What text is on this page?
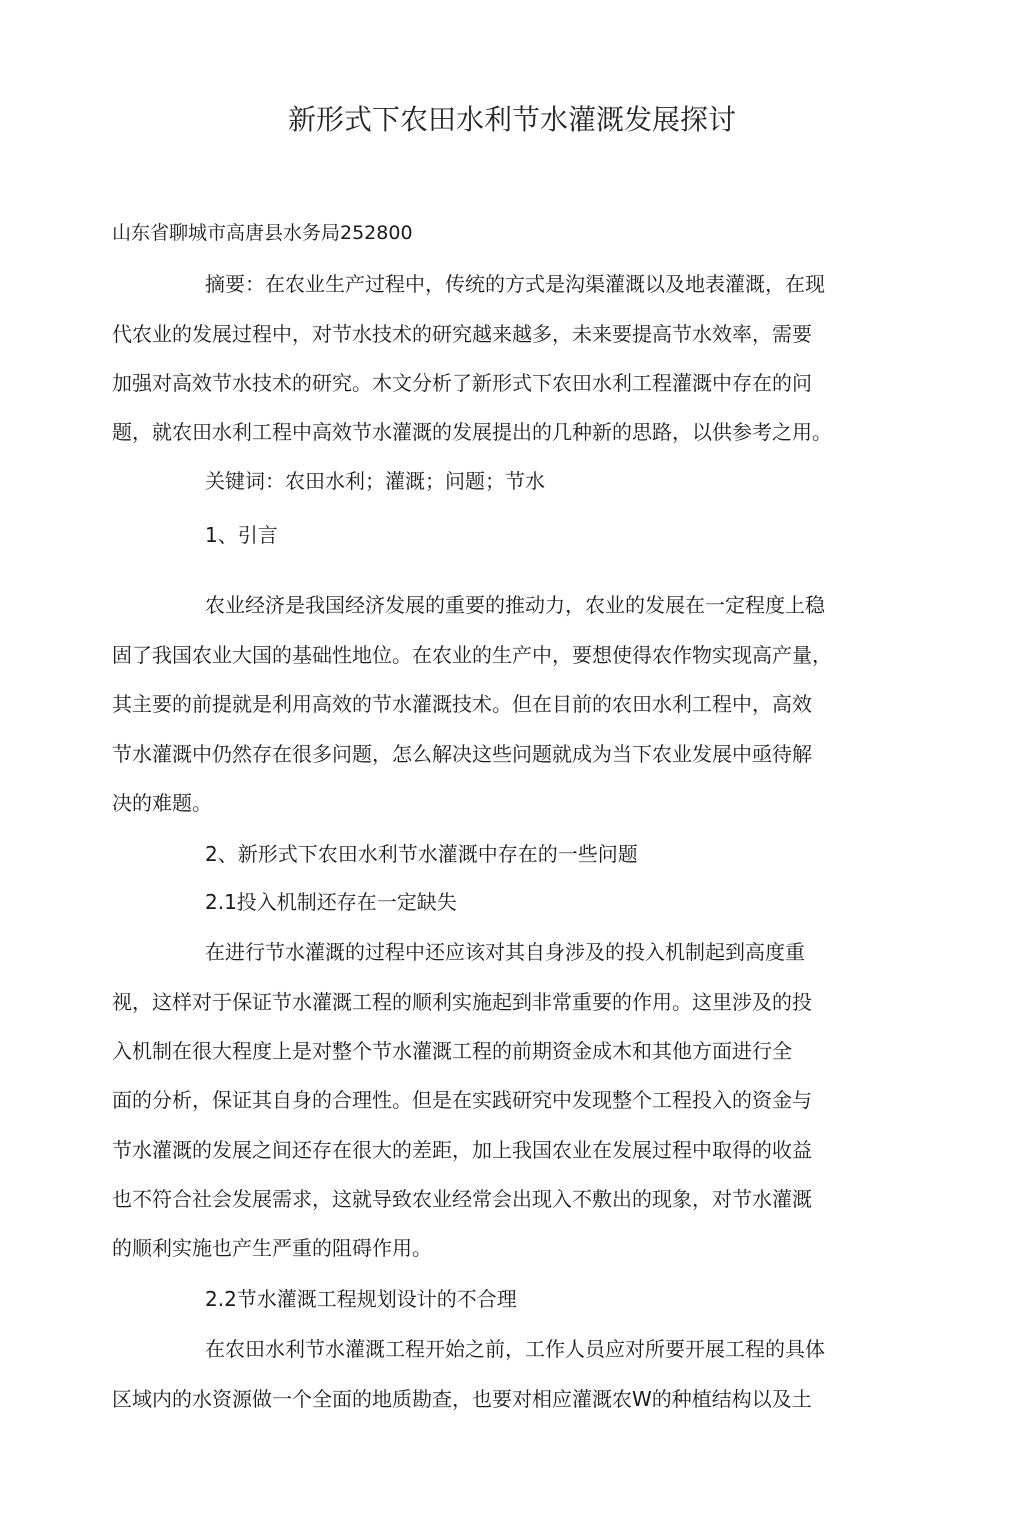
新形式下农田水利节水灌溉发展探讨
山东省聊城市高唐县水务局252800
摘要：在农业生产过程中，传统的方式是沟渠灌溉以及地表灌溉，在现
代农业的发展过程中，对节水技术的研究越来越多，未来要提高节水效率，需要
加强对高效节水技术的研究。木文分析了新形式下农田水利工程灌溉中存在的问
题，就农田水利工程中高效节水灌溉的发展提出的几种新的思路，以供参考之用。
关键词：农田水利；灌溉；问题；节水
1、引言
农业经济是我国经济发展的重要的推动力，农业的发展在一定程度上稳
固了我国农业大国的基础性地位。在农业的生产中，要想使得农作物实现高产量，
其主要的前提就是利用高效的节水灌溉技术。但在目前的农田水利工程中，高效
节水灌溉中仍然存在很多问题，怎么解决这些问题就成为当下农业发展中亟待解
决的难题。
2、新形式下农田水利节水灌溉中存在的一些问题
2.1投入机制还存在一定缺失
在进行节水灌溉的过程中还应该对其自身涉及的投入机制起到高度重
视，这样对于保证节水灌溉工程的顺利实施起到非常重要的作用。这里涉及的投
入机制在很大程度上是对整个节水灌溉工程的前期资金成木和其他方面进行全
面的分析，保证其自身的合理性。但是在实践研究中发现整个工程投入的资金与
节水灌溉的发展之间还存在很大的差距，加上我国农业在发展过程中取得的收益
也不符合社会发展需求，这就导致农业经常会出现入不敷出的现象，对节水灌溉
的顺利实施也产生严重的阻碍作用。
2.2节水灌溉工程规划设计的不合理
在农田水利节水灌溉工程开始之前，工作人员应对所要开展工程的具体
区域内的水资源做一个全面的地质勘查，也要对相应灌溉农W的种植结构以及土
